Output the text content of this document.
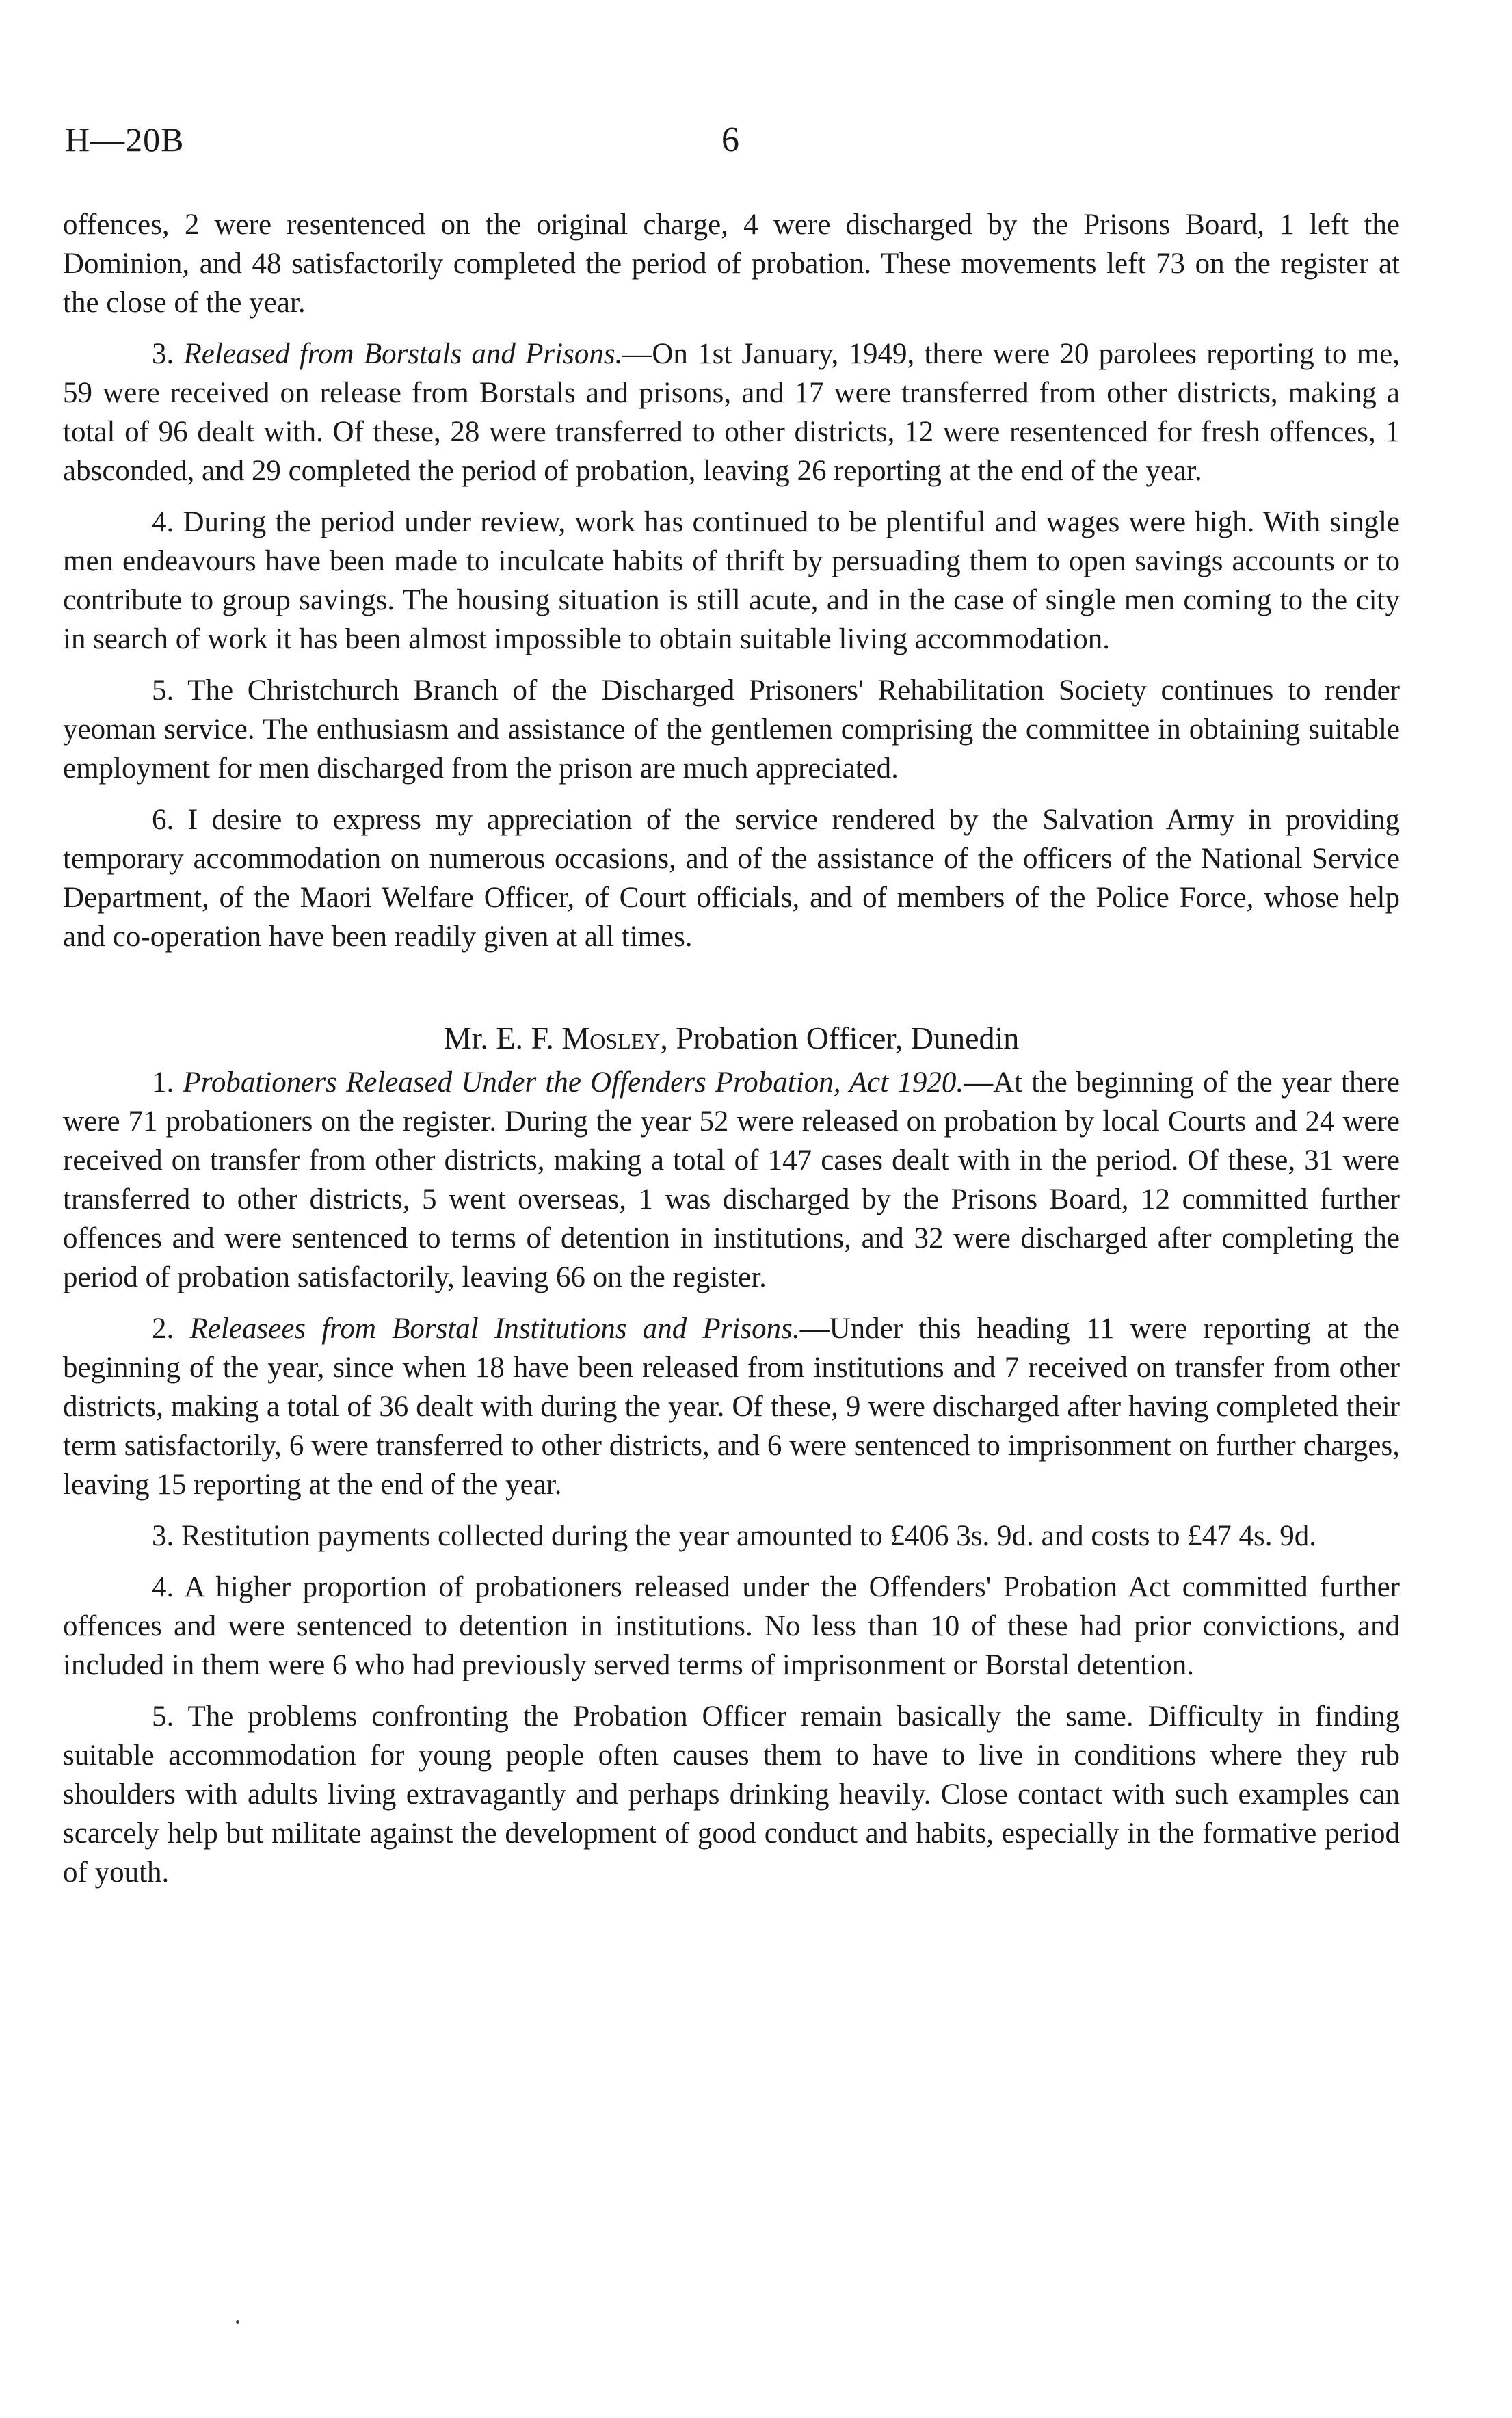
H—20B	6

offences, 2 were resentenced on the original charge, 4 were discharged by the Prisons Board, 1 left the Dominion, and 48 satisfactorily completed the period of probation. These movements left 73 on the register at the close of the year.

3. Released from Borstals and Prisons.—On 1st January, 1949, there were 20 parolees reporting to me, 59 were received on release from Borstals and prisons, and 17 were transferred from other districts, making a total of 96 dealt with. Of these, 28 were transferred to other districts, 12 were resentenced for fresh offences, 1 absconded, and 29 completed the period of probation, leaving 26 reporting at the end of the year.

4. During the period under review, work has continued to be plentiful and wages were high. With single men endeavours have been made to inculcate habits of thrift by persuading them to open savings accounts or to contribute to group savings. The housing situation is still acute, and in the case of single men coming to the city in search of work it has been almost impossible to obtain suitable living accommodation.

5. The Christchurch Branch of the Discharged Prisoners' Rehabilitation Society continues to render yeoman service. The enthusiasm and assistance of the gentlemen comprising the committee in obtaining suitable employment for men discharged from the prison are much appreciated.

6. I desire to express my appreciation of the service rendered by the Salvation Army in providing temporary accommodation on numerous occasions, and of the assistance of the officers of the National Service Department, of the Maori Welfare Officer, of Court officials, and of members of the Police Force, whose help and co-operation have been readily given at all times.

Mr. E. F. Mosley, Probation Officer, Dunedin

1. Probationers Released Under the Offenders Probation, Act 1920.—At the beginning of the year there were 71 probationers on the register. During the year 52 were released on probation by local Courts and 24 were received on transfer from other districts, making a total of 147 cases dealt with in the period. Of these, 31 were transferred to other districts, 5 went overseas, 1 was discharged by the Prisons Board, 12 committed further offences and were sentenced to terms of detention in institutions, and 32 were discharged after completing the period of probation satisfactorily, leaving 66 on the register.

2. Releasees from Borstal Institutions and Prisons.—Under this heading 11 were reporting at the beginning of the year, since when 18 have been released from institutions and 7 received on transfer from other districts, making a total of 36 dealt with during the year. Of these, 9 were discharged after having completed their term satisfactorily, 6 were transferred to other districts, and 6 were sentenced to imprisonment on further charges, leaving 15 reporting at the end of the year.

3. Restitution payments collected during the year amounted to £406 3s. 9d. and costs to £47 4s. 9d.

4. A higher proportion of probationers released under the Offenders' Probation Act committed further offences and were sentenced to detention in institutions. No less than 10 of these had prior convictions, and included in them were 6 who had previously served terms of imprisonment or Borstal detention.

5. The problems confronting the Probation Officer remain basically the same. Difficulty in finding suitable accommodation for young people often causes them to have to live in conditions where they rub shoulders with adults living extravagantly and perhaps drinking heavily. Close contact with such examples can scarcely help but militate against the development of good conduct and habits, especially in the formative period of youth.
